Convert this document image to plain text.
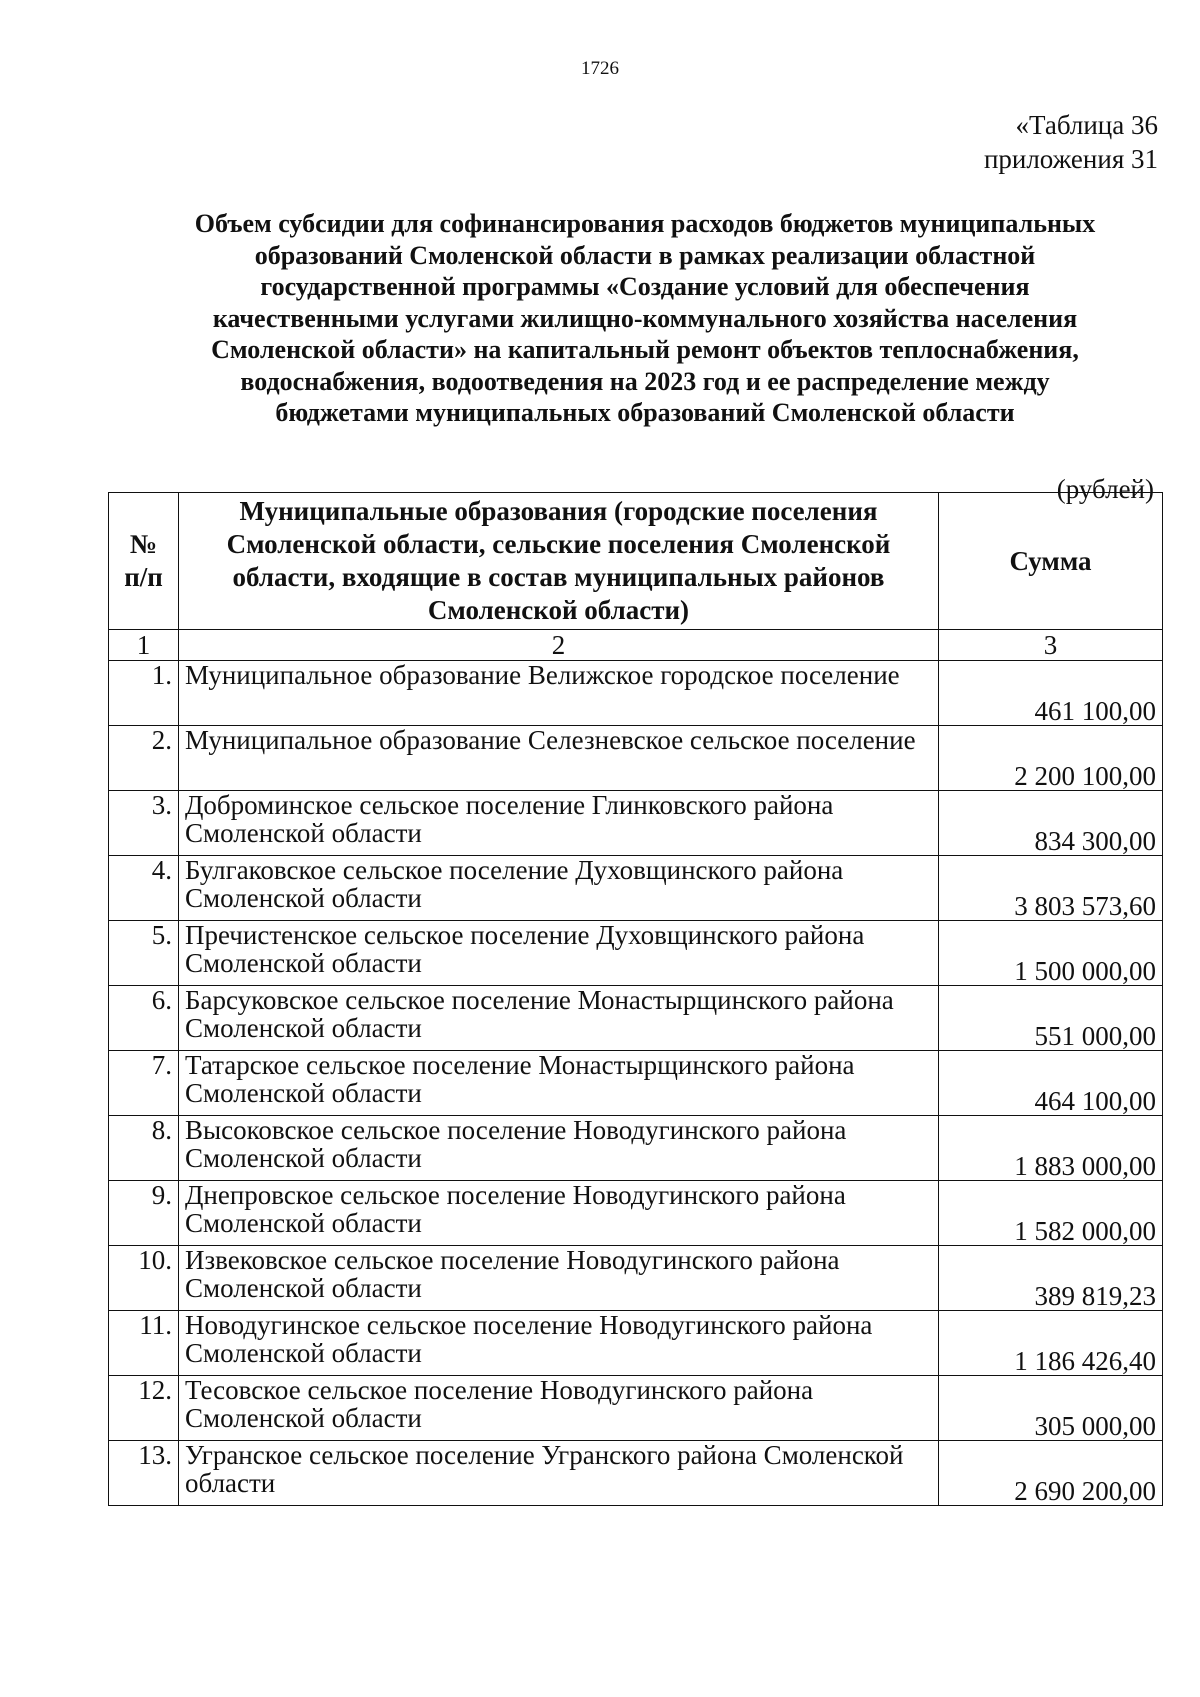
1726
«Таблица 36
приложения 31
Объем субсидии для софинансирования расходов бюджетов муниципальных
образований Смоленской области в рамках реализации областной
государственной программы «Создание условий для обеспечения
качественными услугами жилищно-коммунального хозяйства населения
Смоленской области» на капитальный ремонт объектов теплоснабжения,
водоснабжения, водоотведения на 2023 год и ее распределение между
бюджетами муниципальных образований Смоленской области
(рублей)
№ п/п	Муниципальные образования (городские поселения Смоленской области, сельские поселения Смоленской области, входящие в состав муниципальных районов Смоленской области)	Сумма
1	2	3
1.	Муниципальное образование Велижское городское поселение	461 100,00
2.	Муниципальное образование Селезневское сельское поселение	2 200 100,00
3.	Доброминское сельское поселение Глинковского района Смоленской области	834 300,00
4.	Булгаковское сельское поселение Духовщинского района Смоленской области	3 803 573,60
5.	Пречистенское сельское поселение Духовщинского района Смоленской области	1 500 000,00
6.	Барсуковское сельское поселение Монастырщинского района Смоленской области	551 000,00
7.	Татарское сельское поселение Монастырщинского района Смоленской области	464 100,00
8.	Высоковское сельское поселение Новодугинского района Смоленской области	1 883 000,00
9.	Днепровское сельское поселение Новодугинского района Смоленской области	1 582 000,00
10.	Извековское сельское поселение Новодугинского района Смоленской области	389 819,23
11.	Новодугинское сельское поселение Новодугинского района Смоленской области	1 186 426,40
12.	Тесовское сельское поселение Новодугинского района Смоленской области	305 000,00
13.	Угранское сельское поселение Угранского района Смоленской области	2 690 200,00
